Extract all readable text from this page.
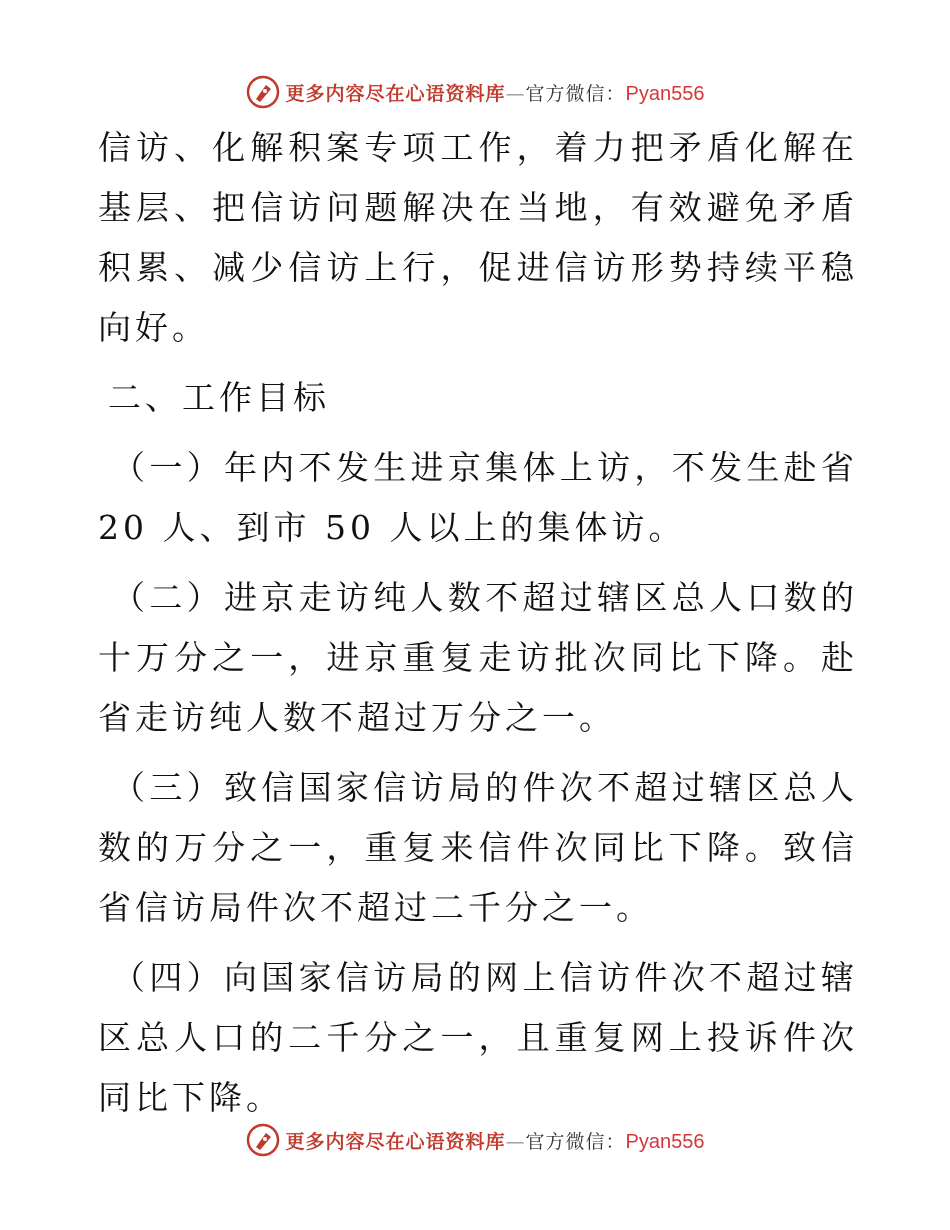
更多内容尽在心语资料库—官方微信：Pyan556

信访、化解积案专项工作，着力把矛盾化解在基层、把信访问题解决在当地，有效避免矛盾积累、减少信访上行，促进信访形势持续平稳向好。

二、工作目标

（一）年内不发生进京集体上访，不发生赴省 20 人、到市 50 人以上的集体访。

（二）进京走访纯人数不超过辖区总人口数的十万分之一，进京重复走访批次同比下降。赴省走访纯人数不超过万分之一。

（三）致信国家信访局的件次不超过辖区总人数的万分之一，重复来信件次同比下降。致信省信访局件次不超过二千分之一。

（四）向国家信访局的网上信访件次不超过辖区总人口的二千分之一，且重复网上投诉件次同比下降。

更多内容尽在心语资料库—官方微信：Pyan556
